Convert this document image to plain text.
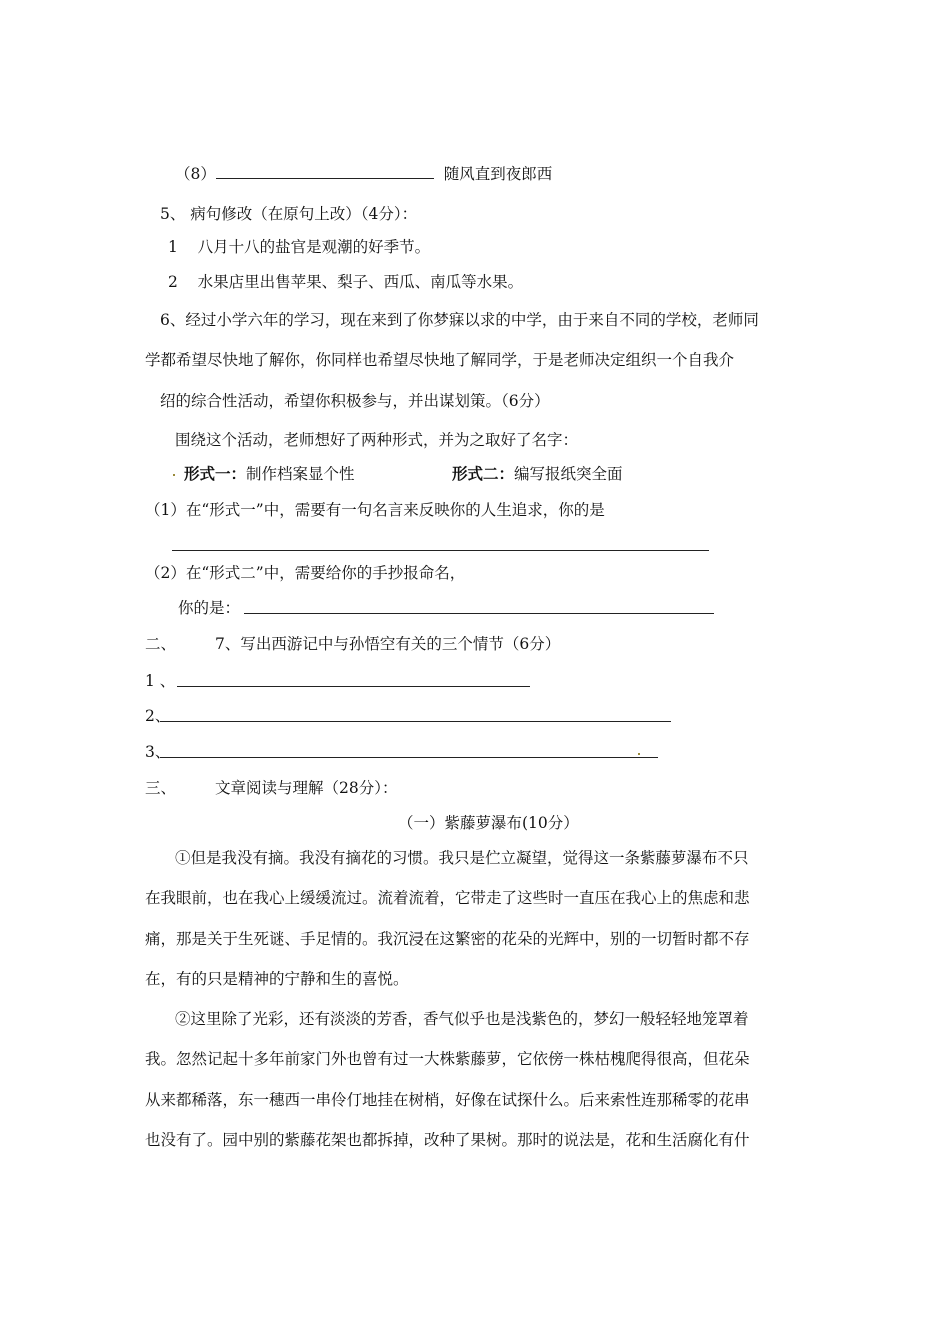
（8）	随风直到夜郎西
5、 病句修改（在原句上改）（4分）：
1 八月十八的盐官是观潮的好季节。
2 水果店里出售苹果、梨子、西瓜、南瓜等水果。
6、经过小学六年的学习，现在来到了你梦寐以求的中学，由于来自不同的学校，老师同
学都希望尽快地了解你，你同样也希望尽快地了解同学，于是老师决定组织一个自我介
绍的综合性活动，希望你积极参与，并出谋划策。（6分）
围绕这个活动，老师想好了两种形式，并为之取好了名字：
形式一：制作档案显个性	形式二：编写报纸突全面
（1）在“形式一”中，需要有一句名言来反映你的人生追求，你的是
（2）在“形式二”中，需要给你的手抄报命名，
你的是：
二、	7、写出西游记中与孙悟空有关的三个情节（6分）
1 、
2、
3、
三、	文章阅读与理解（28分）：
（一）紫藤萝瀑布(10分）
①但是我没有摘。我没有摘花的习惯。我只是伫立凝望，觉得这一条紫藤萝瀑布不只
在我眼前，也在我心上缓缓流过。流着流着，它带走了这些时一直压在我心上的焦虑和悲
痛，那是关于生死谜、手足情的。我沉浸在这繁密的花朵的光辉中，别的一切暂时都不存
在，有的只是精神的宁静和生的喜悦。
②这里除了光彩，还有淡淡的芳香，香气似乎也是浅紫色的，梦幻一般轻轻地笼罩着
我。忽然记起十多年前家门外也曾有过一大株紫藤萝，它依傍一株枯槐爬得很高，但花朵
从来都稀落，东一穗西一串伶仃地挂在树梢，好像在试探什么。后来索性连那稀零的花串
也没有了。园中别的紫藤花架也都拆掉，改种了果树。那时的说法是，花和生活腐化有什
